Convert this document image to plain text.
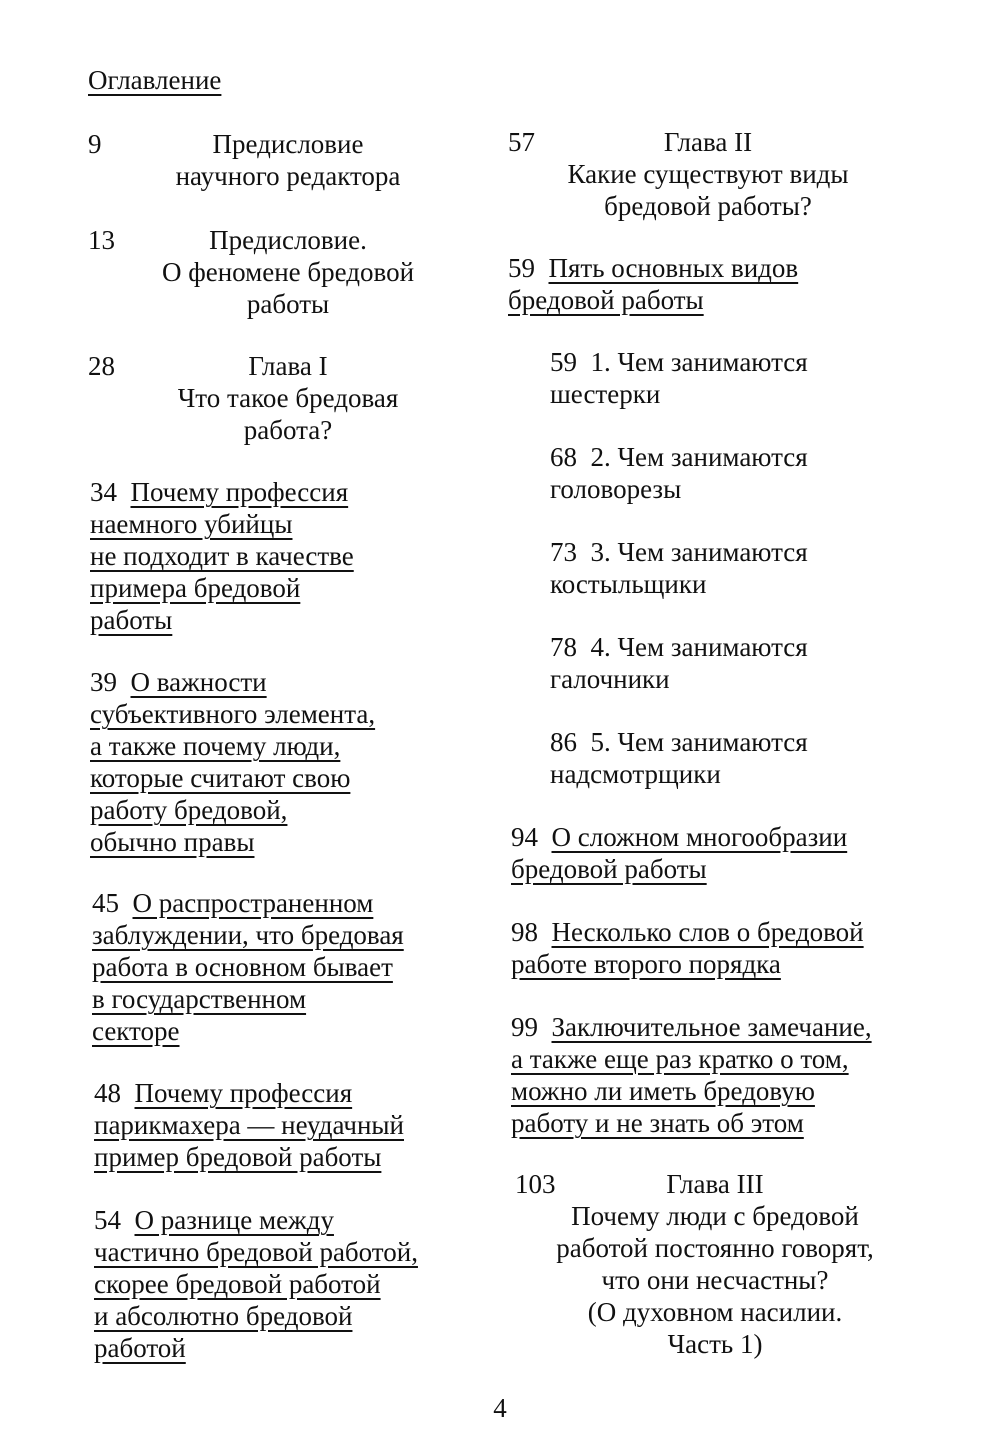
Оглавление
9	Предисловие
научного редактора
13	Предисловие.
О феномене бредовой
работы
28	Глава I
Что такое бредовая
работа?
34 Почему профессия
наемного убийцы
не подходит в качестве
примера бредовой
работы
39 О важности
субъективного элемента,
а также почему люди,
которые считают свою
работу бредовой,
обычно правы
45 О распространенном
заблуждении, что бредовая
работа в основном бывает
в государственном
секторе
48 Почему профессия
парикмахера — неудачный
пример бредовой работы
54 О разнице между
частично бредовой работой,
скорее бредовой работой
и абсолютно бредовой
работой
57	Глава II
Какие существуют виды
бредовой работы?
59 Пять основных видов
бредовой работы
59 1. Чем занимаются
шестерки
68 2. Чем занимаются
головорезы
73 3. Чем занимаются
костыльщики
78 4. Чем занимаются
галочники
86 5. Чем занимаются
надсмотрщики
94 О сложном многообразии
бредовой работы
98 Несколько слов о бредовой
работе второго порядка
99 Заключительное замечание,
а также еще раз кратко о том,
можно ли иметь бредовую
работу и не знать об этом
103	Глава III
Почему люди с бредовой
работой постоянно говорят,
что они несчастны?
(О духовном насилии.
Часть 1)
4
